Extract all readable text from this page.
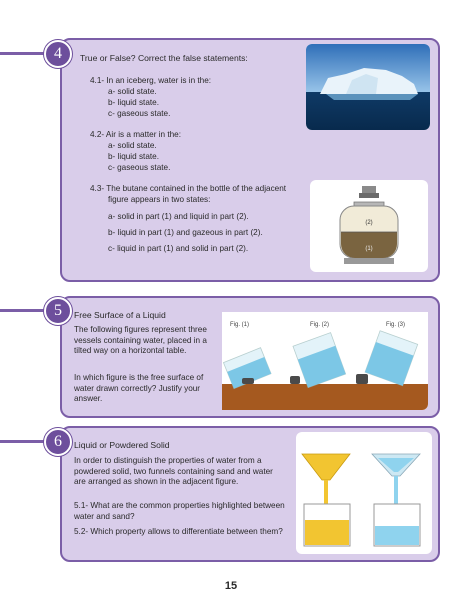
4	True or False? Correct the false statements:
4.1- In an iceberg, water is in the:
a- solid state.
b- liquid state.
c- gaseous state.
4.2- Air is a matter in the:
a- solid state.
b- liquid state.
c- gaseous state.
4.3- The butane contained in the bottle of the adjacent
figure appears in two states:
a- solid in part (1) and liquid in part (2).
b- liquid in part (1) and gazeous in part (2).
c- liquid in part (1) and solid in part (2).
(2)
(1)
5	Free Surface of a Liquid
The following figures represent three vessels containing water, placed in a tilted way on a horizontal table.
In which figure is the free surface of water drawn correctly? Justify your answer.
Fig. (1)	Fig. (2)	Fig. (3)
6	Liquid or Powdered Solid
In order to distinguish the properties of water from a powdered solid, two funnels containing sand and water are arranged as shown in the adjacent figure.
5.1- What are the common properties highlighted between water and sand?
5.2- Which property allows to differentiate between them?
15
